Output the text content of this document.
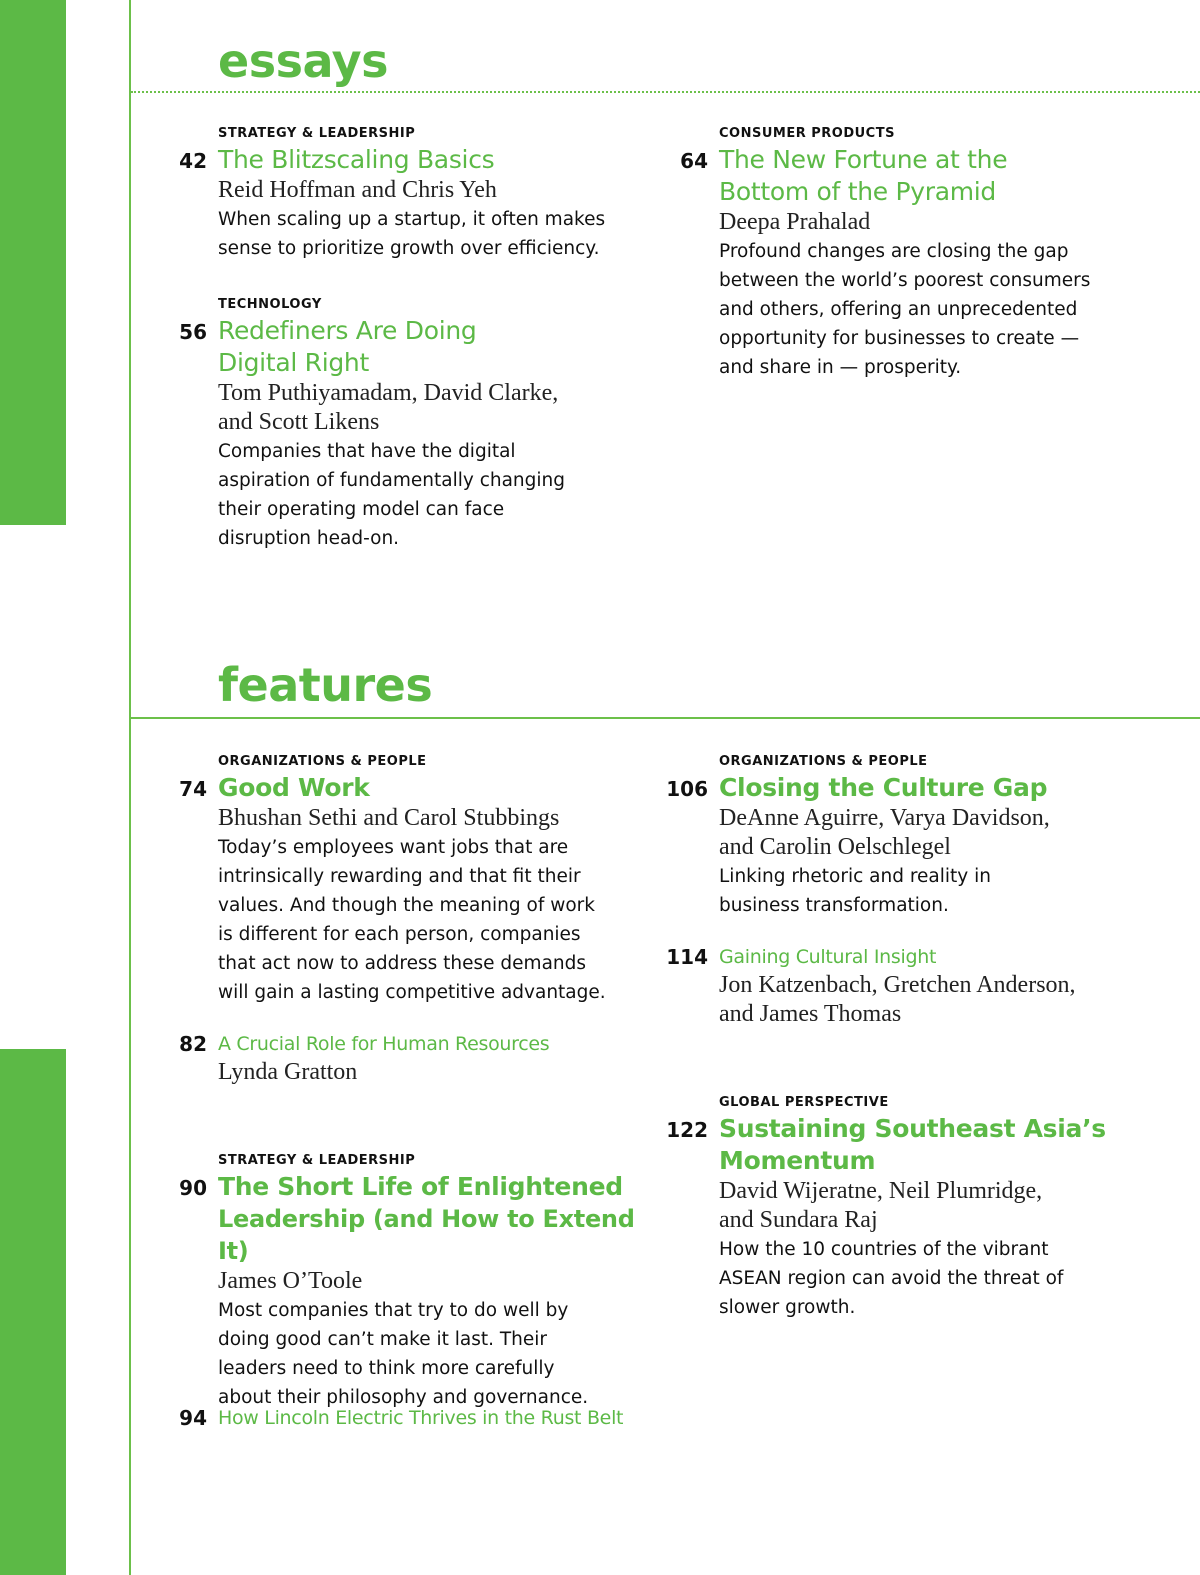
essays
features
STRATEGY & LEADERSHIP
42 The Blitzscaling Basics
Reid Hoffman and Chris Yeh
When scaling up a startup, it often makes
sense to prioritize growth over efficiency.
TECHNOLOGY
56 Redefiners Are Doing
Digital Right
Tom Puthiyamadam, David Clarke,
and Scott Likens
Companies that have the digital
aspiration of fundamentally changing
their operating model can face
disruption head-on.
CONSUMER PRODUCTS
64 The New Fortune at the
Bottom of the Pyramid
Deepa Prahalad
Profound changes are closing the gap
between the world’s poorest consumers
and others, offering an unprecedented
opportunity for businesses to create —
and share in — prosperity.
ORGANIZATIONS & PEOPLE
74 Good Work
Bhushan Sethi and Carol Stubbings
Today’s employees want jobs that are
intrinsically rewarding and that fit their
values. And though the meaning of work
is different for each person, companies
that act now to address these demands
will gain a lasting competitive advantage.
82 A Crucial Role for Human Resources
Lynda Gratton
STRATEGY & LEADERSHIP
90 The Short Life of Enlightened
Leadership (and How to Extend It)
James O’Toole
Most companies that try to do well by
doing good can’t make it last. Their
leaders need to think more carefully
about their philosophy and governance.
94 How Lincoln Electric Thrives in the Rust Belt
ORGANIZATIONS & PEOPLE
106 Closing the Culture Gap
DeAnne Aguirre, Varya Davidson,
and Carolin Oelschlegel
Linking rhetoric and reality in
business transformation.
114 Gaining Cultural Insight
Jon Katzenbach, Gretchen Anderson,
and James Thomas
GLOBAL PERSPECTIVE
122 Sustaining Southeast Asia’s
Momentum
David Wijeratne, Neil Plumridge,
and Sundara Raj
How the 10 countries of the vibrant
ASEAN region can avoid the threat of
slower growth.
